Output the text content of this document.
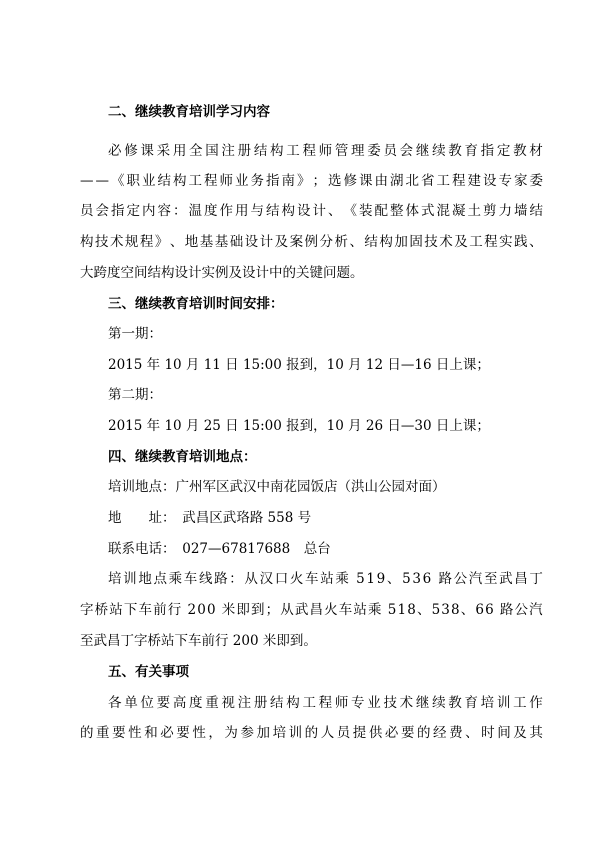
二、继续教育培训学习内容
必 修 课 采 用 全 国 注 册 结 构 工 程 师 管 理 委 员 会 继 续 教 育 指 定 教 材
— — 《 职 业 结 构 工 程 师 业 务 指 南 》 ； 选 修 课 由 湖 北 省 工 程 建 设 专 家 委
员 会 指 定 内 容 ： 温 度 作 用 与 结 构 设 计 、 《 装 配 整 体 式 混 凝 土 剪 力 墙 结
构 技 术 规 程 》 、 地 基 基 础 设 计 及 案 例 分 析 、 结 构 加 固 技 术 及 工 程 实 践 、
大跨度空间结构设计实例及设计中的关键问题。
三、继续教育培训时间安排：
第一期：
2015 年 10 月 11 日 15:00 报到，10 月 12 日—16 日上课；
第二期：
2015 年 10 月 25 日 15:00 报到，10 月 26 日—30 日上课；
四、继续教育培训地点：
培训地点：广州军区武汉中南花园饭店（洪山公园对面）
地　　址：　武昌区武珞路 558 号
联系电话：　027—67817688　总台
培 训 地 点 乘 车 线 路 ： 从 汉 口 火 车 站 乘 5 1 9 、 5 3 6 路 公 汽 至 武 昌 丁
字 桥 站 下 车 前 行 2 0 0 米 即 到 ； 从 武 昌 火 车 站 乘 5 1 8 、 5 3 8 、 6 6 路 公 汽
至武昌丁字桥站下车前行 200 米即到。
五、有关事项
各 单 位 要 高 度 重 视 注 册 结 构 工 程 师 专 业 技 术 继 续 教 育 培 训 工 作
的 重 要 性 和 必 要 性 ， 为 参 加 培 训 的 人 员 提 供 必 要 的 经 费 、 时 间 及 其
